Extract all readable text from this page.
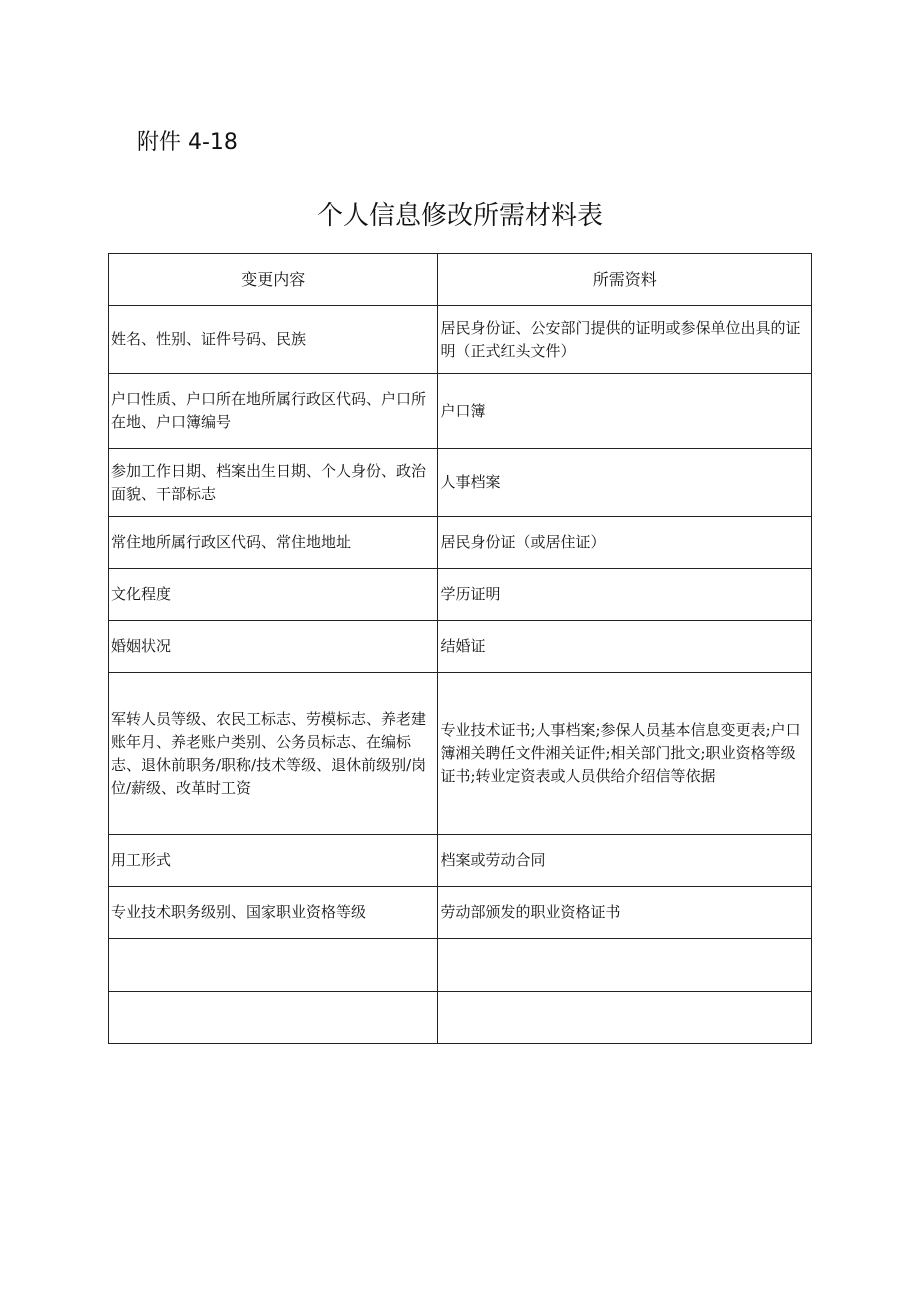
附件 4-18
个人信息修改所需材料表
变更内容	所需资料
姓名、性别、证件号码、民族	居民身份证、公安部门提供的证明或参保单位出具的证明（正式红头文件）
户口性质、户口所在地所属行政区代码、户口所在地、户口簿编号	户口簿
参加工作日期、档案出生日期、个人身份、政治面貌、干部标志	人事档案
常住地所属行政区代码、常住地地址	居民身份证（或居住证）
文化程度	学历证明
婚姻状况	结婚证
军转人员等级、农民工标志、劳模标志、养老建账年月、养老账户类别、公务员标志、在编标志、退休前职务/职称/技术等级、退休前级别/岗位/薪级、改革时工资	专业技术证书;人事档案;参保人员基本信息变更表;户口簿湘关聘任文件湘关证件;相关部门批文;职业资格等级证书;转业定资表或人员供给介绍信等依据
用工形式	档案或劳动合同
专业技术职务级别、国家职业资格等级	劳动部颁发的职业资格证书
